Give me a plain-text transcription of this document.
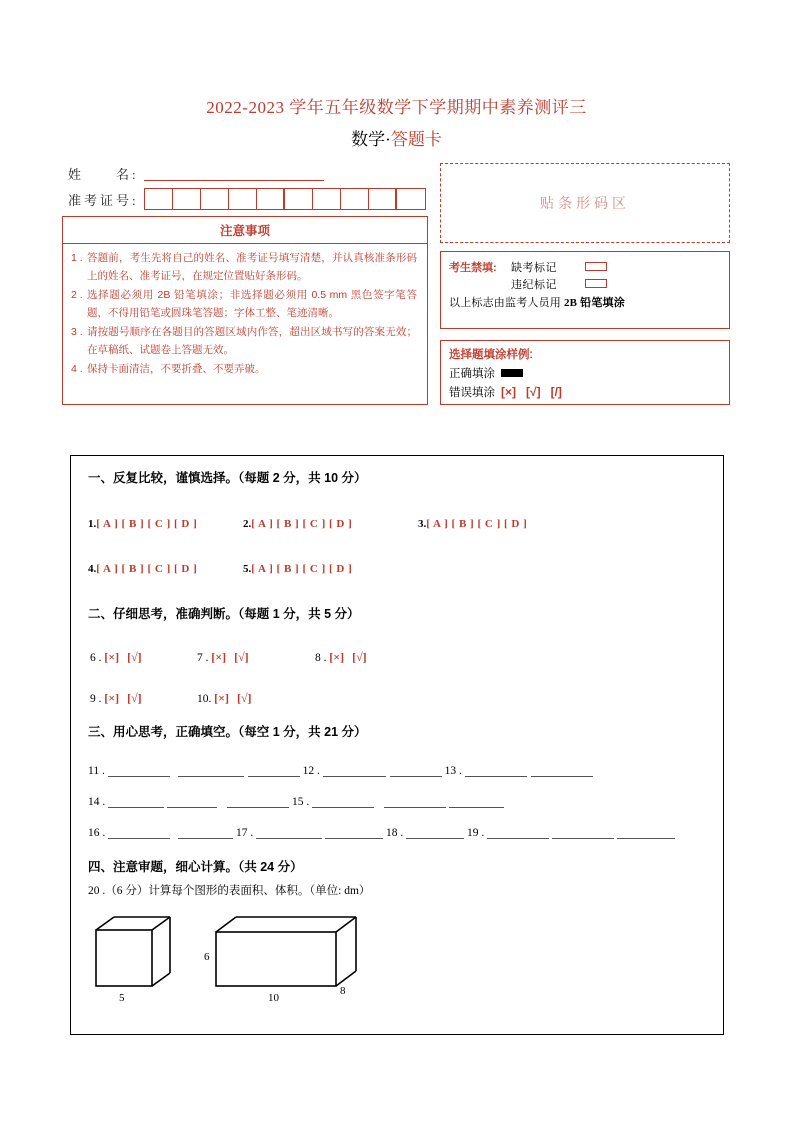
2022-2023 学年五年级数学下学期期中素养测评三
数学·答题卡
姓　　名:
准考证号:
注意事项
1 . 答题前，考生先将自己的姓名、准考证号填写清楚，并认真核准条形码上的姓名、准考证号，在规定位置贴好条形码。
2 . 选择题必须用 2B 铅笔填涂；非选择题必须用 0.5 mm 黑色签字笔答题，不得用铅笔或圆珠笔答题；字体工整、笔迹清晰。
3 . 请按题号顺序在各题目的答题区域内作答，超出区域书写的答案无效；在草稿纸、试题卷上答题无效。
4 . 保持卡面清洁，不要折叠、不要弄破。
贴条形码区
考生禁填:	缺考标记
违纪标记
以上标志由监考人员用 2B 铅笔填涂
选择题填涂样例:
正确填涂
错误填涂 [×] [√] [/]
一、反复比较，谨慎选择。（每题 2 分，共 10 分）
1.[ A ] [ B ] [ C ] [ D ]	2.[ A ] [ B ] [ C ] [ D ]	3.[ A ] [ B ] [ C ] [ D ]
4.[ A ] [ B ] [ C ] [ D ]	5.[ A ] [ B ] [ C ] [ D ]
二、仔细思考，准确判断。（每题 1 分，共 5 分）
6 . [×] [√]	7 . [×] [√]	8 . [×] [√]
9 . [×] [√]	10. [×] [√]
三、用心思考，正确填空。（每空 1 分，共 21 分）
11 .	12 .	13 .
14 .	15 .
16 .	17 .	18 .	19 .
四、注意审题，细心计算。（共 24 分）
20 .（6 分）计算每个图形的表面积、体积。（单位: dm）
5
6
10
8
